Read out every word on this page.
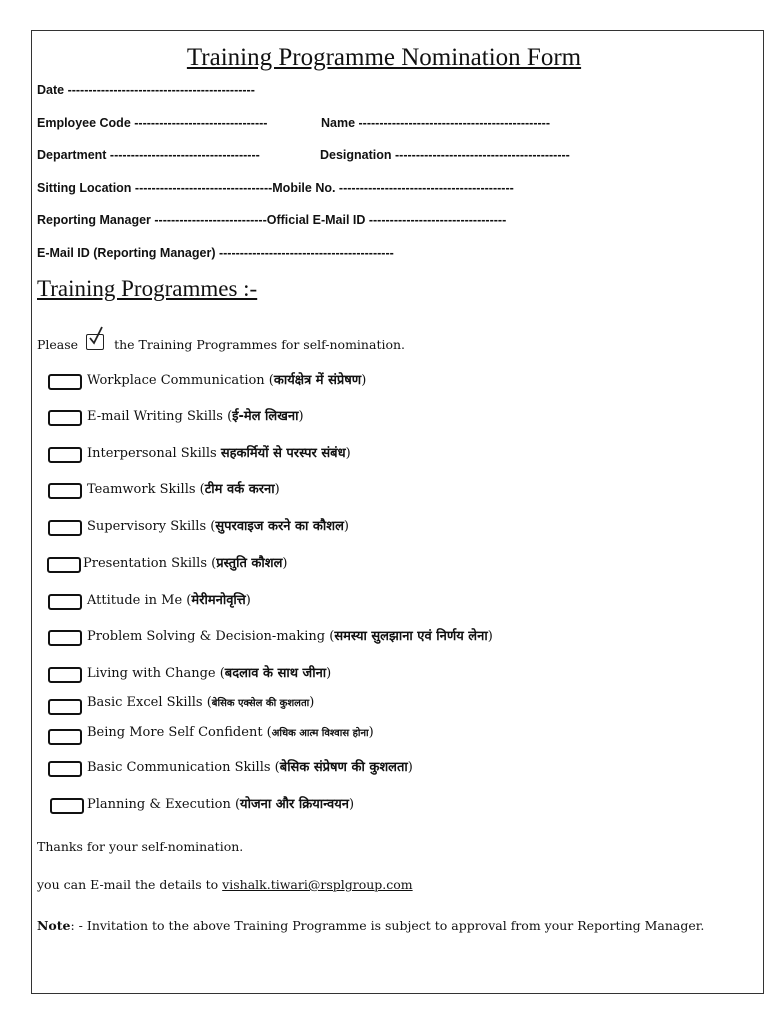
Training Programme Nomination Form
Date ---------------------------------------------
Employee Code --------------------------------	Name ----------------------------------------------
Department ------------------------------------	Designation ------------------------------------------
Sitting Location ---------------------------------Mobile No. ------------------------------------------
Reporting Manager ---------------------------Official E-Mail ID ---------------------------------
E-Mail ID (Reporting Manager) ------------------------------------------
Training Programmes :-
Please	the Training Programmes for self-nomination.
Workplace Communication (कार्यक्षेत्र में संप्रेषण)
E-mail Writing Skills (ई-मेल लिखना)
Interpersonal Skills सहकर्मियों से परस्पर संबंध)
Teamwork Skills (टीम वर्क करना)
Supervisory Skills (सुपरवाइज करने का कौशल)
Presentation Skills (प्रस्तुति कौशल)
Attitude in Me (मेरीमनोवृत्ति)
Problem Solving & Decision-making (समस्या सुलझाना एवं निर्णय लेना)
Living with Change (बदलाव के साथ जीना)
Basic Excel Skills (बेसिक एक्सेल की कुशलता)
Being More Self Confident (अधिक आत्म विश्वास होना)
Basic Communication Skills (बेसिक संप्रेषण की कुशलता)
Planning & Execution (योजना और क्रियान्वयन)
Thanks for your self-nomination.
you can E-mail the details to vishalk.tiwari@rsplgroup.com
Note: - Invitation to the above Training Programme is subject to approval from your Reporting Manager.
